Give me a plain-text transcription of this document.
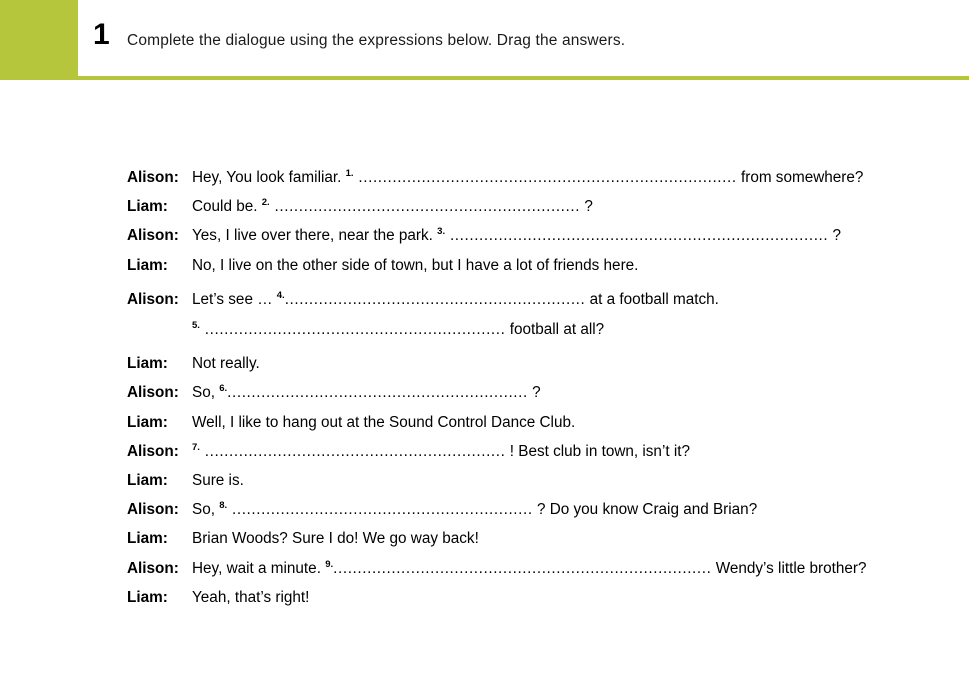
1 Complete the dialogue using the expressions below. Drag the answers.
Alison: Hey, You look familiar. $^{1.}$ .............................................................................. from somewhere?
Liam:	Could be. $^{2.}$ ............................................................... ?
Alison: Yes, I live over there, near the park. $^{3.}$ .............................................................................. ?
Liam:	No, I live on the other side of town, but I have a lot of friends here.
Alison: Let’s see … $^{4.}$.............................................................. at a football match.
$^{5.}$ .............................................................. football at all?
Liam:	Not really.
Alison: So, $^{6.}$.............................................................. ?
Liam:	Well, I like to hang out at the Sound Control Dance Club.
Alison:	$^{7.}$ .............................................................. ! Best club in town, isn’t it?
Liam:	Sure is.
Alison: So, $^{8.}$ .............................................................. ? Do you know Craig and Brian?
Liam:	Brian Woods? Sure I do! We go way back!
Alison: Hey, wait a minute. $^{9.}$.............................................................................. Wendy’s little brother?
Liam:	Yeah, that’s right!
